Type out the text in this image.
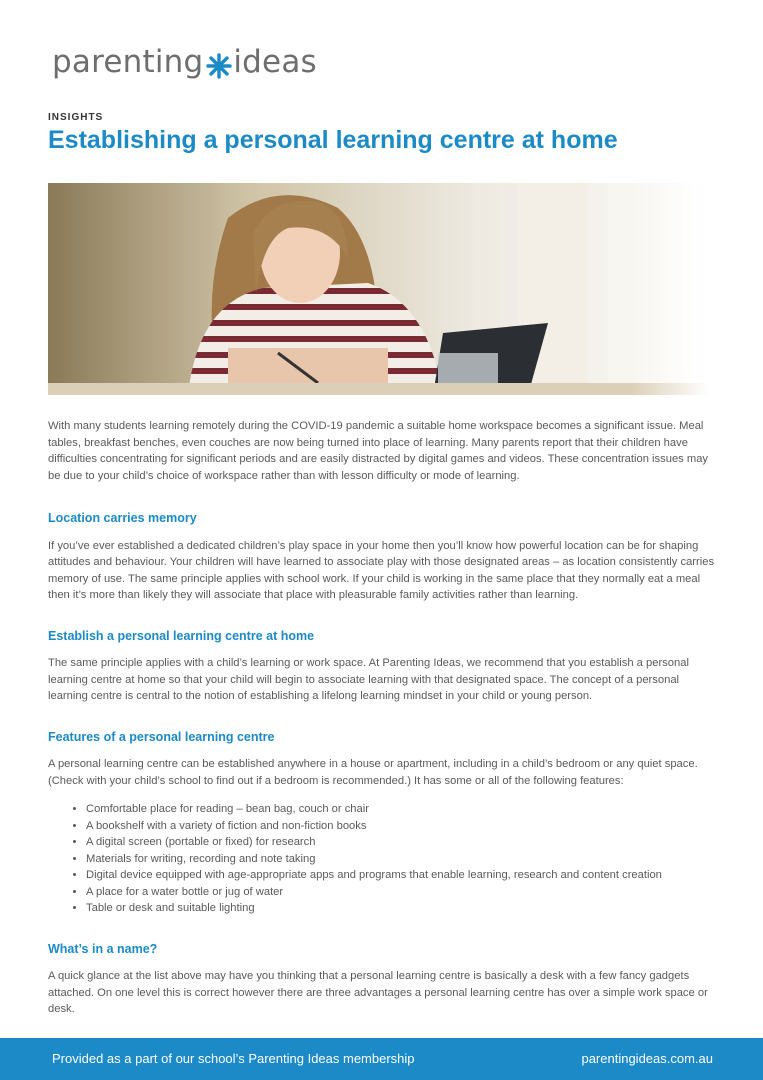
parenting ideas
INSIGHTS
Establishing a personal learning centre at home

With many students learning remotely during the COVID-19 pandemic a suitable home workspace becomes a significant issue. Meal tables, breakfast benches, even couches are now being turned into place of learning. Many parents report that their children have difficulties concentrating for significant periods and are easily distracted by digital games and videos. These concentration issues may be due to your child’s choice of workspace rather than with lesson difficulty or mode of learning.

Location carries memory

If you’ve ever established a dedicated children’s play space in your home then you’ll know how powerful location can be for shaping attitudes and behaviour. Your children will have learned to associate play with those designated areas – as location consistently carries memory of use. The same principle applies with school work. If your child is working in the same place that they normally eat a meal then it’s more than likely they will associate that place with pleasurable family activities rather than learning.

Establish a personal learning centre at home

The same principle applies with a child’s learning or work space. At Parenting Ideas, we recommend that you establish a personal learning centre at home so that your child will begin to associate learning with that designated space. The concept of a personal learning centre is central to the notion of establishing a lifelong learning mindset in your child or young person.

Features of a personal learning centre

A personal learning centre can be established anywhere in a house or apartment, including in a child’s bedroom or any quiet space. (Check with your child’s school to find out if a bedroom is recommended.) It has some or all of the following features:

• Comfortable place for reading – bean bag, couch or chair
• A bookshelf with a variety of fiction and non-fiction books
• A digital screen (portable or fixed) for research
• Materials for writing, recording and note taking
• Digital device equipped with age-appropriate apps and programs that enable learning, research and content creation
• A place for a water bottle or jug of water
• Table or desk and suitable lighting
What’s in a name?

A quick glance at the list above may have you thinking that a personal learning centre is basically a desk with a few fancy gadgets attached. On one level this is correct however there are three advantages a personal learning centre has over a simple work space or desk.

Provided as a part of our school’s Parenting Ideas membership	parentingideas.com.au
